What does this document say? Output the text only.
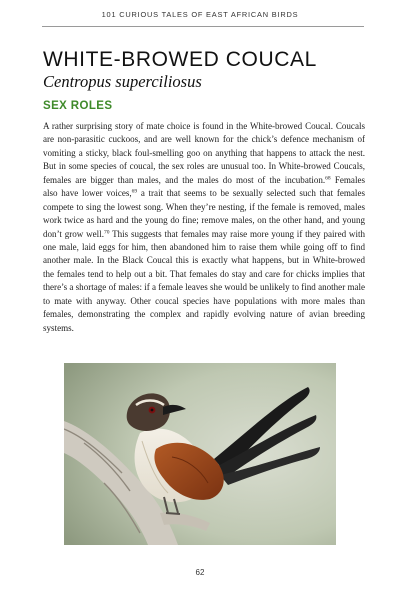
101 CURIOUS TALES OF EAST AFRICAN BIRDS
WHITE-BROWED COUCAL
Centropus superciliosus
SEX ROLES
A rather surprising story of mate choice is found in the White-browed Coucal. Coucals
are non-parasitic cuckoos, and are well known for the chick’s defence mechanism of
vomiting a sticky, black foul-smelling goo on anything that happens to attack the nest.
But in some species of coucal, the sex roles are unusual too. In White-browed Coucals,
females are bigger than males, and the males do most of the incubation.$^{68}$ Females
also have lower voices,$^{69}$ a trait that seems to be sexually selected such that females
compete to sing the lowest song. When they’re nesting, if the female is removed, males
work twice as hard and the young do fine; remove males, on the other hand, and young
don’t grow well.$^{70}$ This suggests that females may raise more young if they paired with
one male, laid eggs for him, then abandoned him to raise them while going off to find
another male. In the Black Coucal this is exactly what happens, but in White-browed
the females tend to help out a bit. That females do stay and care for chicks implies that
there’s a shortage of males: if a female leaves she would be unlikely to find another male
to mate with anyway. Other coucal species have populations with more males than
females, demonstrating the complex and rapidly evolving nature of avian breeding
systems.
62
